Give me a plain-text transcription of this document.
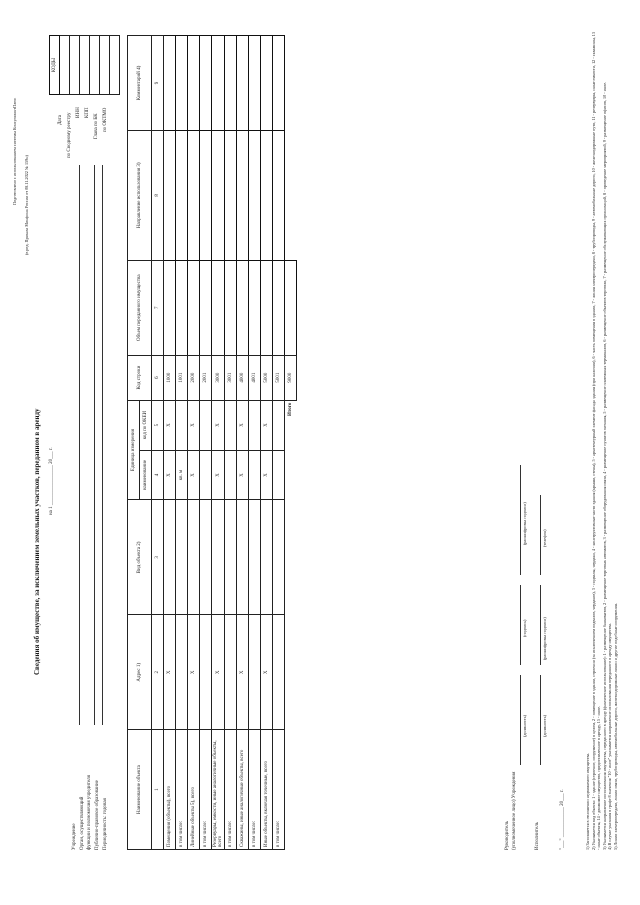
Подготовлено с использованием системы КонсультантПлюс
(в ред. Приказа Минфина России от 08.11.2022 № 159н)
Сведения об имуществе, за исключением земельных участков, переданном в аренду на 1 ________________ 20___ г.
Учреждение Орган, осуществляющий функции и полномочия учредителя Публично-правовое образование Периодичность: годовая
Дата по Сводному реестру ИНН КПП
Глава по БК по ОКТМО
КОДЫ

Наименование объекта	Адрес 1)	Вид объекта 2)	Единица измерения		Код строки	Объем переданного имущества	Направление использования 3)	Комментарий 4)
			наименование	код по ОКЕИ				
1	2	3	4	5	6	7	8	9
Помещения (объекты), всего	X		X	X	1000			
в том числе:			кв. м		1001			
Линейные объекты 5), всего	X		X	X	2000			
в том числе:					2001			
Резервуары, емкости, иные аналогичные объекты, всего	X		X	X	3000			
в том числе:					3001			
Скважины, иные аналогичные объекты, всего	X		X	X	4000			
в том числе:					4001			
Иные объекты, включая точечные, всего	X		X	X	5000			
в том числе:					5001			
Итого					9000			
Руководитель (уполномоченное лицо) Учреждения
(должность)
(подпись)
(расшифровка подписи)
Исполнитель
(должность)
(расшифровка подписи)
(телефон)
"___" ____________ 20___ г.	1) Заполняется в отношении недвижимого имущества. 2) Указывается вид объекта: 1 - здание (строение, сооружение) в целом, 2 - помещение в здании, строении (за исключением подвалов, чердаков), 3 - подвалы, чердаки, 4 - конструктивные части здания (крыши, стены), 5 - архитектурный элемент фасада здания (при наличии), 6 - часть помещения в здании, 7 - линия электропередачи, 8 - трубопроводы, 9 - автомобильные дороги, 10 - железнодорожные пути, 11 - резервуары, иные емкости, 12 - скважины, 13 - иные объекты, 14 - движимое имущество, предоставленное в аренду, 15 - иное. 3) Указывается направление использования имущества, переданного в аренду (фактическое использование): 1 - размещение банкоматов, 2 - размещение торговых автоматов, 3 - размещение оборудования связи, 4 - размещение пунктов питания, 5 - размещение платежных терминалов, 6 - размещение объектов торговли, 7 - размещение обслуживающих организаций, 8 - проведение мероприятий, 9 - размещение офисов, 10 - иное. 4) В случае указания в графе 8 значения "10 - иное" указывается направление использования переданного в аренду имущества. 5) Линии электропередачи, линии связи, трубопроводы, автомобильные дороги, железнодорожные линии и другие подобные сооружения.
